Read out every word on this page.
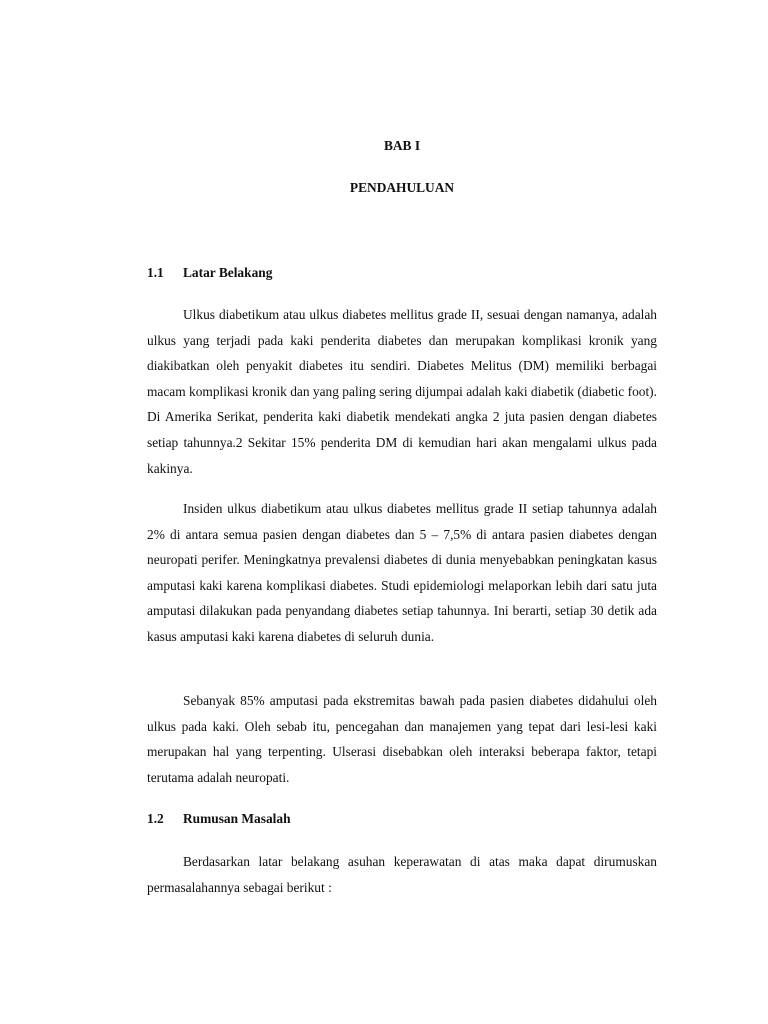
BAB I
PENDAHULUAN
1.1 Latar Belakang

Ulkus diabetikum atau ulkus diabetes mellitus grade II, sesuai dengan namanya, adalah ulkus yang terjadi pada kaki penderita diabetes dan merupakan komplikasi kronik yang diakibatkan oleh penyakit diabetes itu sendiri. Diabetes Melitus (DM) memiliki berbagai macam komplikasi kronik dan yang paling sering dijumpai adalah kaki diabetik (diabetic foot). Di Amerika Serikat, penderita kaki diabetik mendekati angka 2 juta pasien dengan diabetes setiap tahunnya.2 Sekitar 15% penderita DM di kemudian hari akan mengalami ulkus pada kakinya.

Insiden ulkus diabetikum atau ulkus diabetes mellitus grade II setiap tahunnya adalah 2% di antara semua pasien dengan diabetes dan 5 – 7,5% di antara pasien diabetes dengan neuropati perifer. Meningkatnya prevalensi diabetes di dunia menyebabkan peningkatan kasus amputasi kaki karena komplikasi diabetes. Studi epidemiologi melaporkan lebih dari satu juta amputasi dilakukan pada penyandang diabetes setiap tahunnya. Ini berarti, setiap 30 detik ada kasus amputasi kaki karena diabetes di seluruh dunia.

Sebanyak 85% amputasi pada ekstremitas bawah pada pasien diabetes didahului oleh ulkus pada kaki. Oleh sebab itu, pencegahan dan manajemen yang tepat dari lesi-lesi kaki merupakan hal yang terpenting. Ulserasi disebabkan oleh interaksi beberapa faktor, tetapi terutama adalah neuropati.

1.2 Rumusan Masalah

Berdasarkan latar belakang asuhan keperawatan di atas maka dapat dirumuskan permasalahannya sebagai berikut :
